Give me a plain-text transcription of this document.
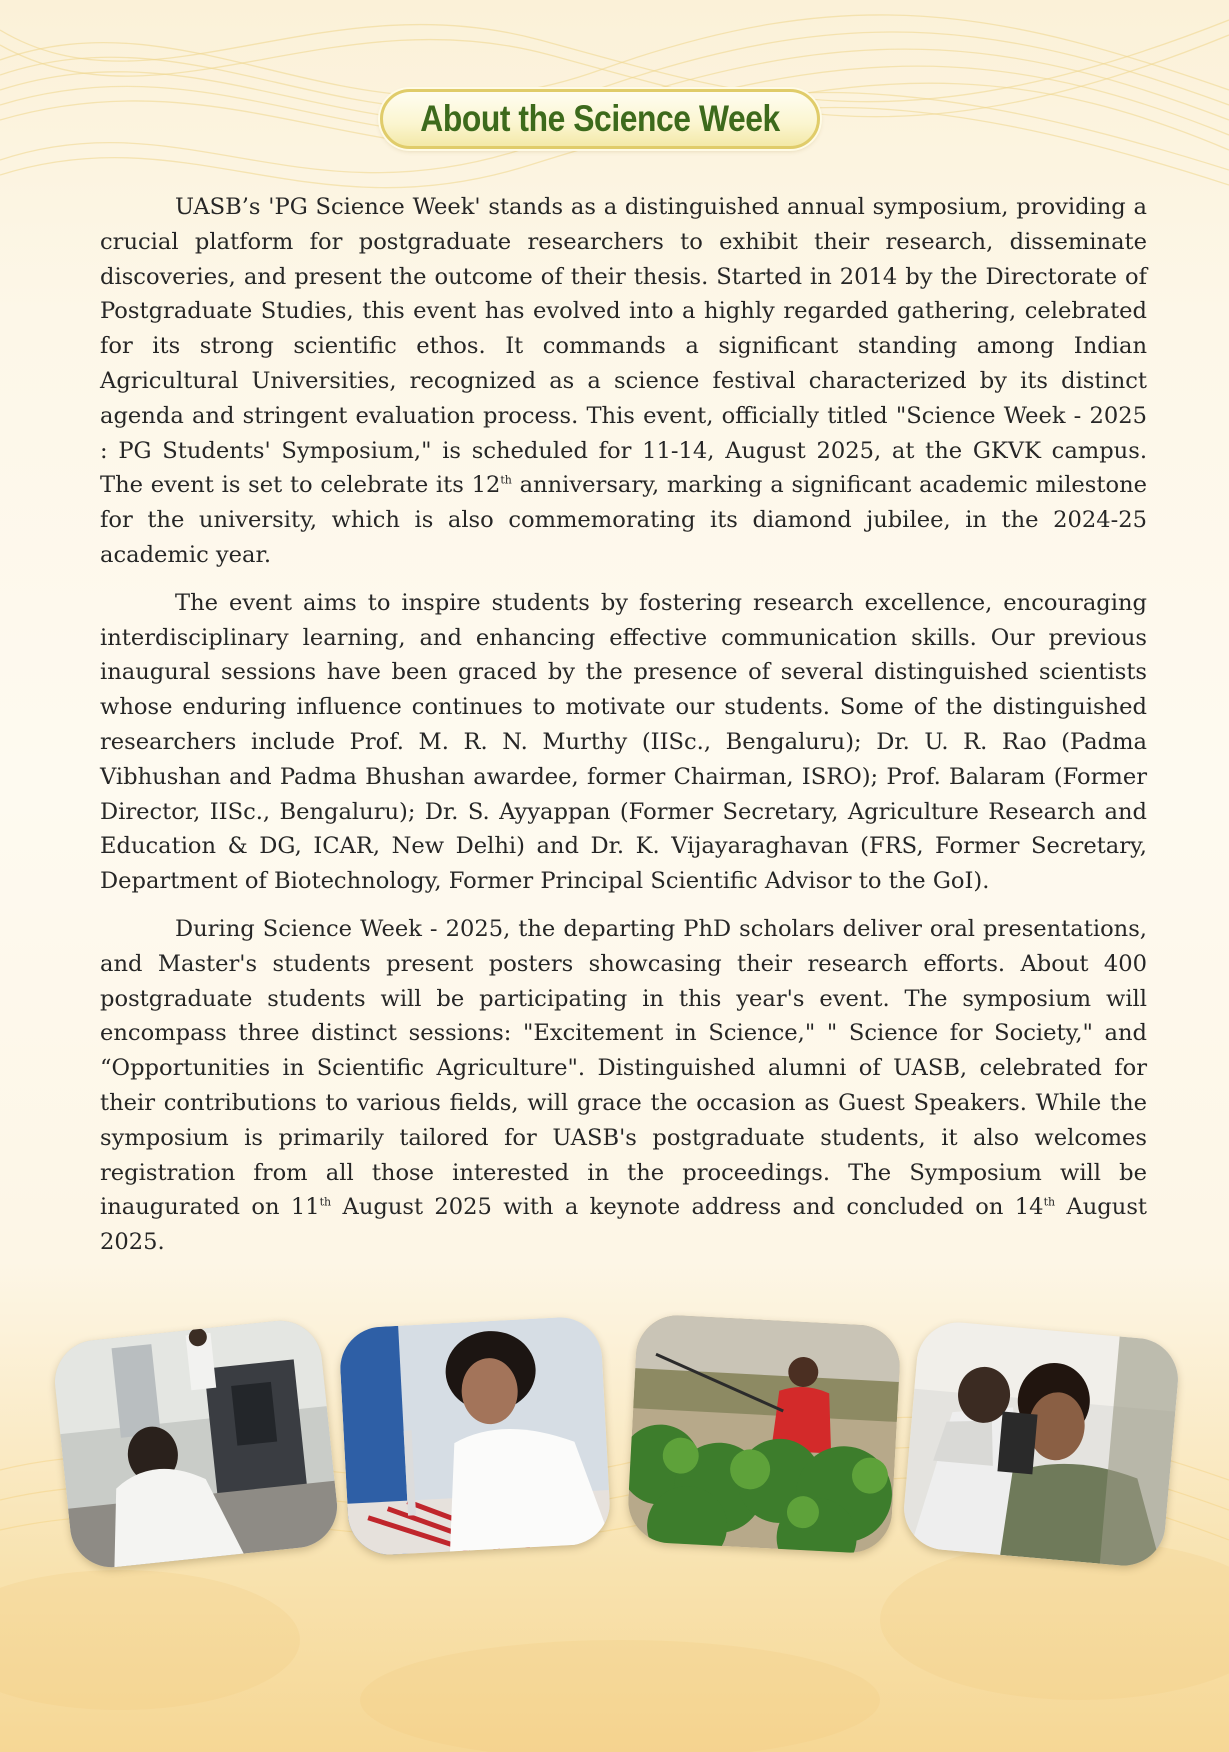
About the Science Week

UASB’s 'PG Science Week' stands as a distinguished annual symposium, providing a crucial platform for postgraduate researchers to exhibit their research, disseminate discoveries, and present the outcome of their thesis. Started in 2014 by the Directorate of Postgraduate Studies, this event has evolved into a highly regarded gathering, celebrated for its strong scientific ethos. It commands a significant standing among Indian Agricultural Universities, recognized as a science festival characterized by its distinct agenda and stringent evaluation process. This event, officially titled "Science Week - 2025 : PG Students' Symposium," is scheduled for 11-14, August 2025, at the GKVK campus. The event is set to celebrate its 12th anniversary, marking a significant academic milestone for the university, which is also commemorating its diamond jubilee, in the 2024-25 academic year.

The event aims to inspire students by fostering research excellence, encouraging interdisciplinary learning, and enhancing effective communication skills. Our previous inaugural sessions have been graced by the presence of several distinguished scientists whose enduring influence continues to motivate our students. Some of the distinguished researchers include Prof. M. R. N. Murthy (IISc., Bengaluru); Dr. U. R. Rao (Padma Vibhushan and Padma Bhushan awardee, former Chairman, ISRO); Prof. Balaram (Former Director, IISc., Bengaluru); Dr. S. Ayyappan (Former Secretary, Agriculture Research and Education & DG, ICAR, New Delhi) and Dr. K. Vijayaraghavan (FRS, Former Secretary, Department of Biotechnology, Former Principal Scientific Advisor to the GoI).

During Science Week - 2025, the departing PhD scholars deliver oral presentations, and Master's students present posters showcasing their research efforts. About 400 postgraduate students will be participating in this year's event. The symposium will encompass three distinct sessions: "Excitement in Science," " Science for Society," and “Opportunities in Scientific Agriculture". Distinguished alumni of UASB, celebrated for their contributions to various fields, will grace the occasion as Guest Speakers. While the symposium is primarily tailored for UASB's postgraduate students, it also welcomes registration from all those interested in the proceedings. The Symposium will be inaugurated on 11th August 2025 with a keynote address and concluded on 14th August 2025.
